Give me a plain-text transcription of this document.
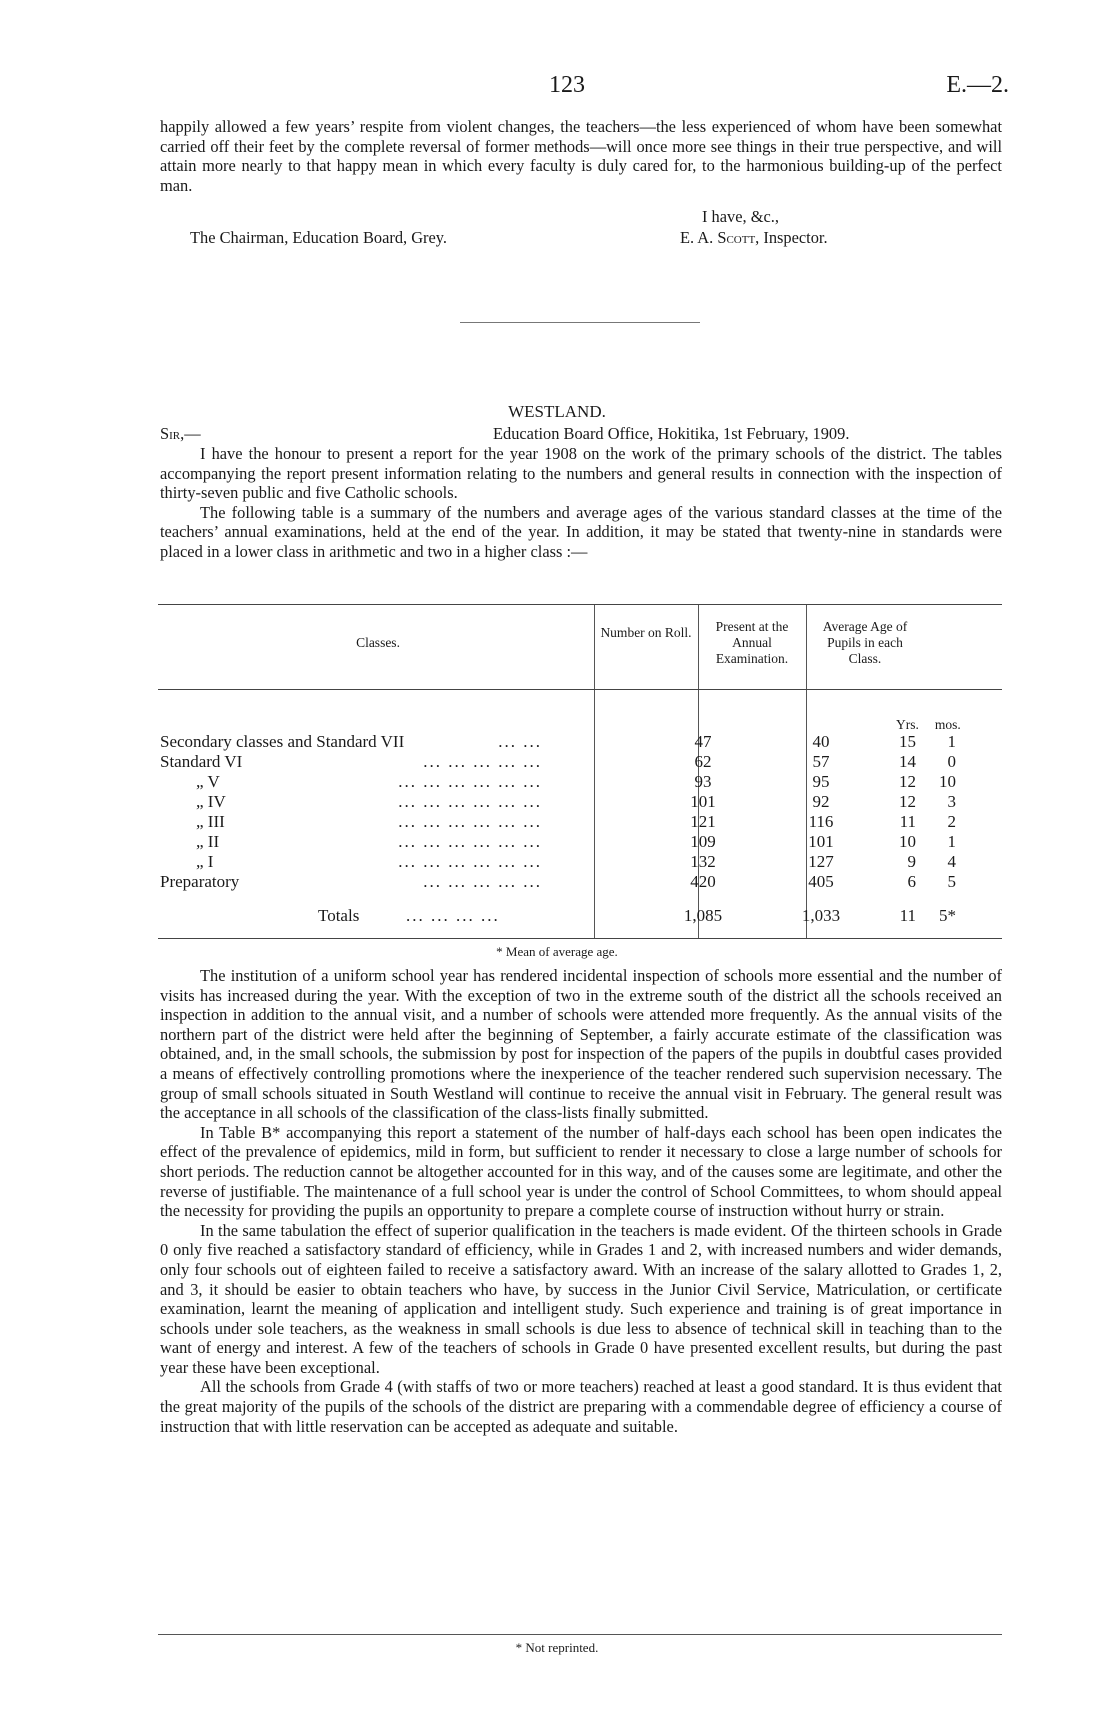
123	E.—2.

happily allowed a few years’ respite from violent changes, the teachers—the less experienced of whom have been somewhat carried off their feet by the complete reversal of former methods—will once more see things in their true perspective, and will attain more nearly to that happy mean in which every faculty is duly cared for, to the harmonious building-up of the perfect man.

I have, &c.,
The Chairman, Education Board, Grey.	E. A. Scott, Inspector.
WESTLAND.
Sir,—	Education Board Office, Hokitika, 1st February, 1909.

I have the honour to present a report for the year 1908 on the work of the primary schools of the district. The tables accompanying the report present information relating to the numbers and general results in connection with the inspection of thirty-seven public and five Catholic schools.

The following table is a summary of the numbers and average ages of the various standard classes at the time of the teachers’ annual examinations, held at the end of the year. In addition, it may be stated that twenty-nine in standards were placed in a lower class in arithmetic and two in a higher class :—

Classes.
Number on Roll.	Present at the Annual Examination.
Average Age of Pupils in each Class.
Yrs. mos.
Secondary classes and Standard VII	... ...	47	40	15	1
Standard VI	... ... ... ... ...	62	57	14	0
„ V	... ... ... ... ... ...	93	95	12	10
„ IV	... ... ... ... ... ...	101	92	12	3
„ III	... ... ... ... ... ...	121	116	11	2
„ II	... ... ... ... ... ...	109	101	10	1
„ I	... ... ... ... ... ...	132	127	9	4
Preparatory	... ... ... ... ...	420	405	6	5
Totals	... ... ... ...	1,085	1,033	11	5*
* Mean of average age.

The institution of a uniform school year has rendered incidental inspection of schools more essential and the number of visits has increased during the year. With the exception of two in the extreme south of the district all the schools received an inspection in addition to the annual visit, and a number of schools were attended more frequently. As the annual visits of the northern part of the district were held after the beginning of September, a fairly accurate estimate of the classification was obtained, and, in the small schools, the submission by post for inspection of the papers of the pupils in doubtful cases provided a means of effectively controlling promotions where the inexperience of the teacher rendered such supervision necessary. The group of small schools situated in South Westland will continue to receive the annual visit in February. The general result was the acceptance in all schools of the classification of the class-lists finally submitted.

In Table B* accompanying this report a statement of the number of half-days each school has been open indicates the effect of the prevalence of epidemics, mild in form, but sufficient to render it necessary to close a large number of schools for short periods. The reduction cannot be altogether accounted for in this way, and of the causes some are legitimate, and other the reverse of justifiable. The maintenance of a full school year is under the control of School Committees, to whom should appeal the necessity for providing the pupils an opportunity to prepare a complete course of instruction without hurry or strain.

In the same tabulation the effect of superior qualification in the teachers is made evident. Of the thirteen schools in Grade 0 only five reached a satisfactory standard of efficiency, while in Grades 1 and 2, with increased numbers and wider demands, only four schools out of eighteen failed to receive a satisfactory award. With an increase of the salary allotted to Grades 1, 2, and 3, it should be easier to obtain teachers who have, by success in the Junior Civil Service, Matriculation, or certificate examination, learnt the meaning of application and intelligent study. Such experience and training is of great importance in schools under sole teachers, as the weakness in small schools is due less to absence of technical skill in teaching than to the want of energy and interest. A few of the teachers of schools in Grade 0 have presented excellent results, but during the past year these have been exceptional.

All the schools from Grade 4 (with staffs of two or more teachers) reached at least a good standard. It is thus evident that the great majority of the pupils of the schools of the district are preparing with a commendable degree of efficiency a course of instruction that with little reservation can be accepted as adequate and suitable.

* Not reprinted.
